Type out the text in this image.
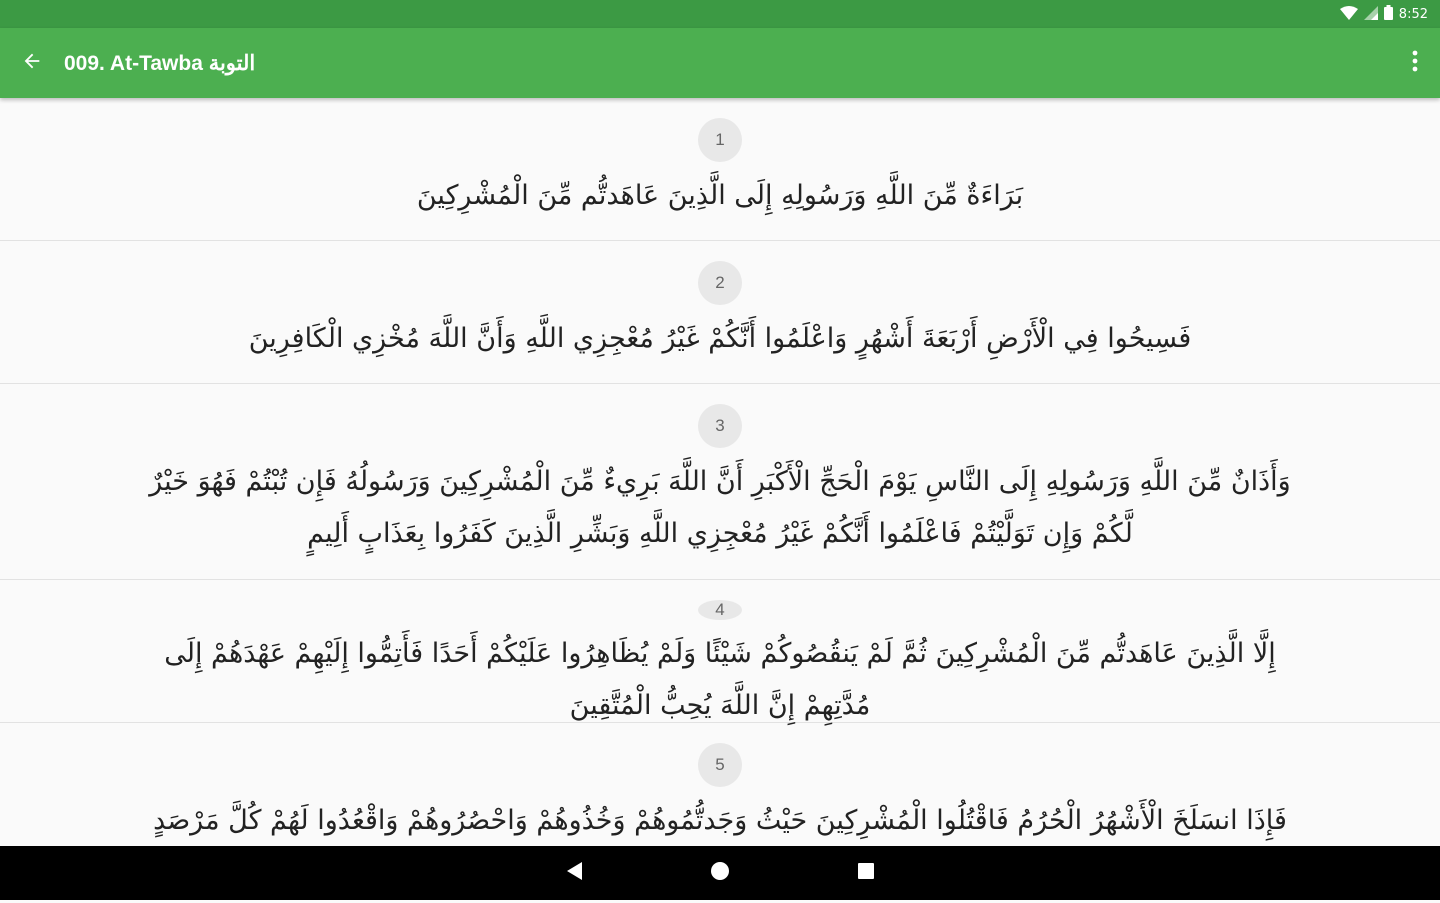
8:52
009. At-Tawba التوبة
1
بَرَاءَةٌ مِّنَ اللَّهِ وَرَسُولِهِ إِلَى الَّذِينَ عَاهَدتُّم مِّنَ الْمُشْرِكِينَ
2
فَسِيحُوا فِي الْأَرْضِ أَرْبَعَةَ أَشْهُرٍ وَاعْلَمُوا أَنَّكُمْ غَيْرُ مُعْجِزِي اللَّهِ وَأَنَّ اللَّهَ مُخْزِي الْكَافِرِينَ
3
وَأَذَانٌ مِّنَ اللَّهِ وَرَسُولِهِ إِلَى النَّاسِ يَوْمَ الْحَجِّ الْأَكْبَرِ أَنَّ اللَّهَ بَرِيءٌ مِّنَ الْمُشْرِكِينَ وَرَسُولُهُ فَإِن تُبْتُمْ فَهُوَ خَيْرٌ لَّكُمْ وَإِن تَوَلَّيْتُمْ فَاعْلَمُوا أَنَّكُمْ غَيْرُ مُعْجِزِي اللَّهِ وَبَشِّرِ الَّذِينَ كَفَرُوا بِعَذَابٍ أَلِيمٍ
4
إِلَّا الَّذِينَ عَاهَدتُّم مِّنَ الْمُشْرِكِينَ ثُمَّ لَمْ يَنقُصُوكُمْ شَيْئًا وَلَمْ يُظَاهِرُوا عَلَيْكُمْ أَحَدًا فَأَتِمُّوا إِلَيْهِمْ عَهْدَهُمْ إِلَى مُدَّتِهِمْ إِنَّ اللَّهَ يُحِبُّ الْمُتَّقِينَ
5
فَإِذَا انسَلَخَ الْأَشْهُرُ الْحُرُمُ فَاقْتُلُوا الْمُشْرِكِينَ حَيْثُ وَجَدتُّمُوهُمْ وَخُذُوهُمْ وَاحْصُرُوهُمْ وَاقْعُدُوا لَهُمْ كُلَّ مَرْصَدٍ
